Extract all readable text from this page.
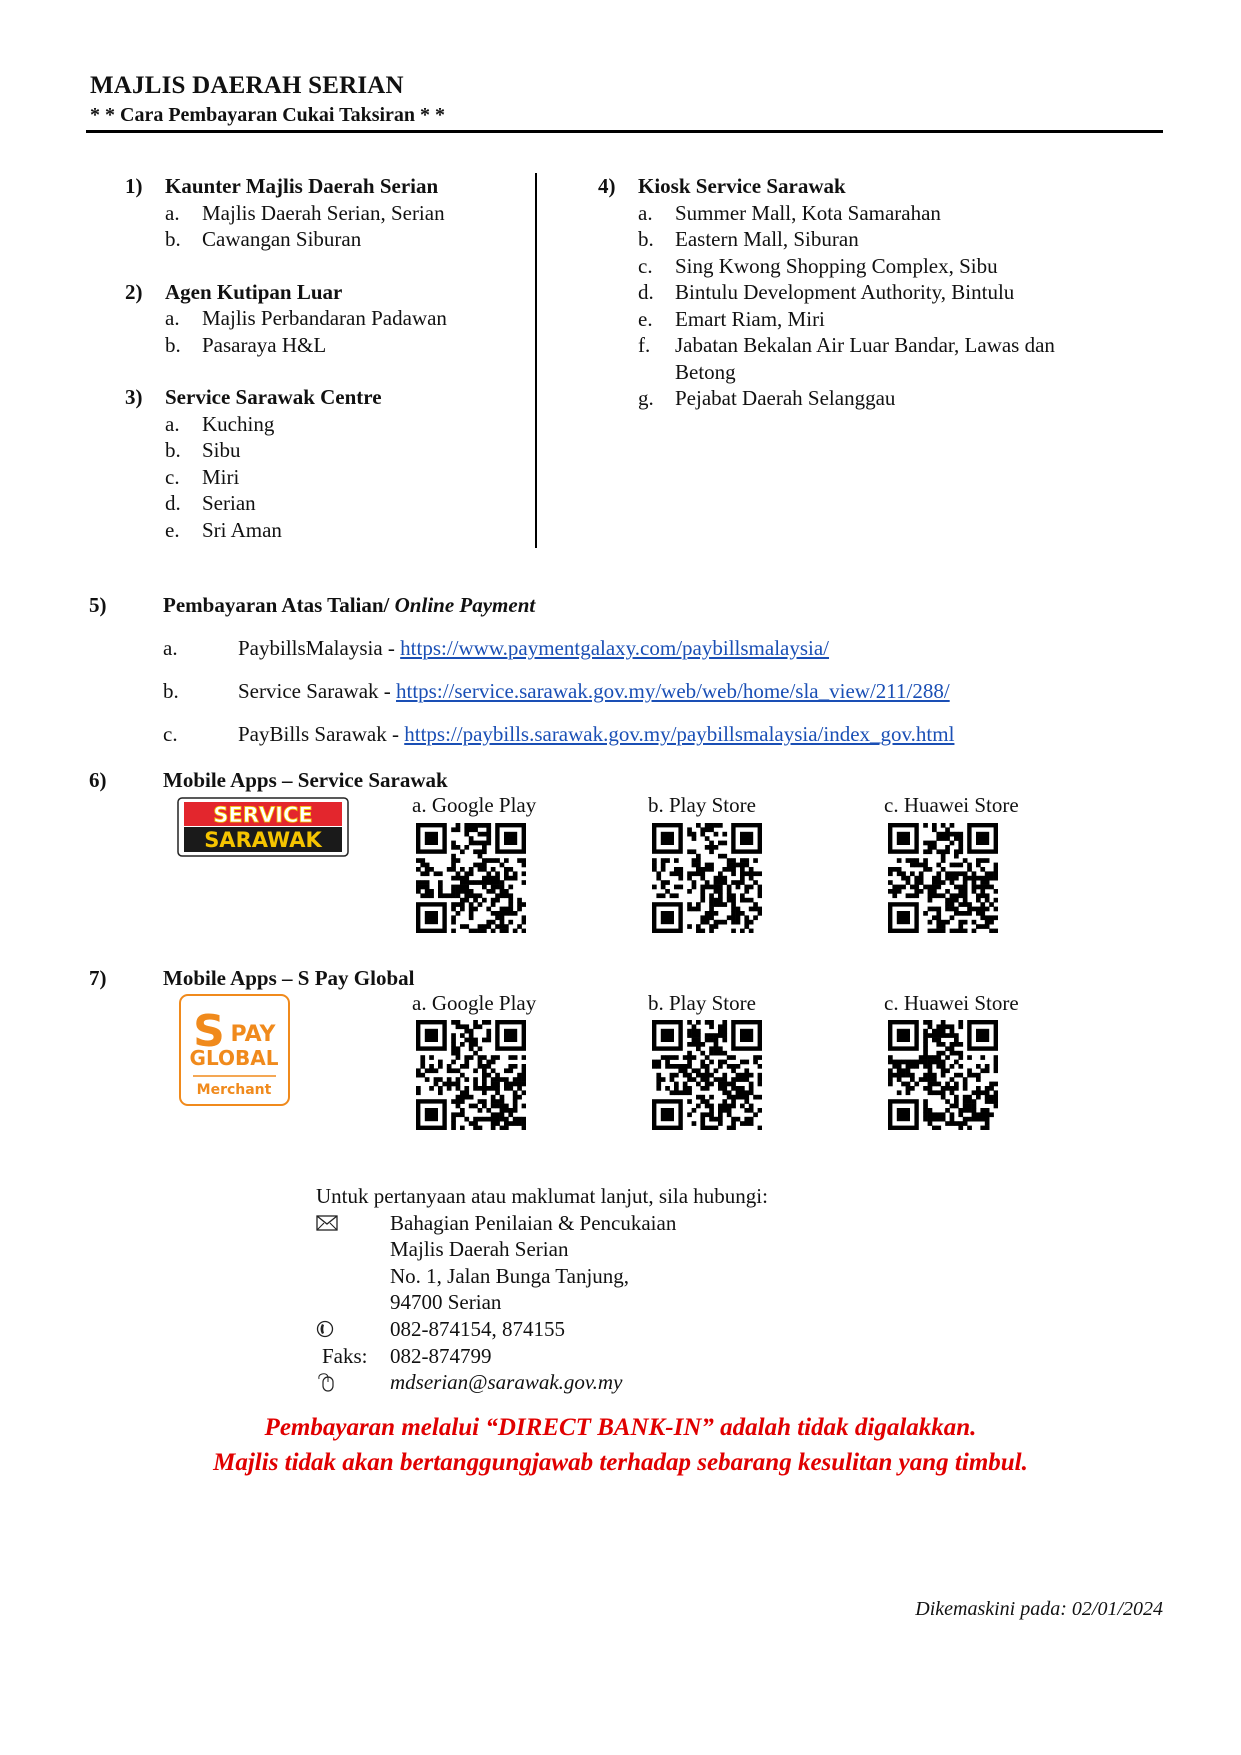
MAJLIS DAERAH SERIAN
* * Cara Pembayaran Cukai Taksiran * *
1)	Kaunter Majlis Daerah Serian
a.	Majlis Daerah Serian, Serian
b.	Cawangan Siburan
2)	Agen Kutipan Luar
a.	Majlis Perbandaran Padawan
b.	Pasaraya H&L
3)	Service Sarawak Centre
a.	Kuching
b.	Sibu
c.	Miri
d.	Serian
e.	Sri Aman
4)	Kiosk Service Sarawak
a.	Summer Mall, Kota Samarahan
b.	Eastern Mall, Siburan
c.	Sing Kwong Shopping Complex, Sibu
d.	Bintulu Development Authority, Bintulu
e.	Emart Riam, Miri
f.	Jabatan Bekalan Air Luar Bandar, Lawas dan
Betong
g.	Pejabat Daerah Selanggau
5)	Pembayaran Atas Talian/ Online Payment
a.	PaybillsMalaysia - https://www.paymentgalaxy.com/paybillsmalaysia/
b.	Service Sarawak - https://service.sarawak.gov.my/web/web/home/sla_view/211/288/
c.	PayBills Sarawak - https://paybills.sarawak.gov.my/paybillsmalaysia/index_gov.html
6)	Mobile Apps – Service Sarawak
SERVICE
SARAWAK
a. Google Play	b. Play Store	c. Huawei Store
7)	Mobile Apps – S Pay Global
S PAY
GLOBAL
Merchant
a. Google Play	b. Play Store	c. Huawei Store
Untuk pertanyaan atau maklumat lanjut, sila hubungi:
Bahagian Penilaian & Pencukaian
Majlis Daerah Serian
No. 1, Jalan Bunga Tanjung,
94700 Serian
082-874154, 874155
Faks:	082-874799
mdserian@sarawak.gov.my
Pembayaran melalui “DIRECT BANK-IN” adalah tidak digalakkan.
Majlis tidak akan bertanggungjawab terhadap sebarang kesulitan yang timbul.
Dikemaskini pada: 02/01/2024
